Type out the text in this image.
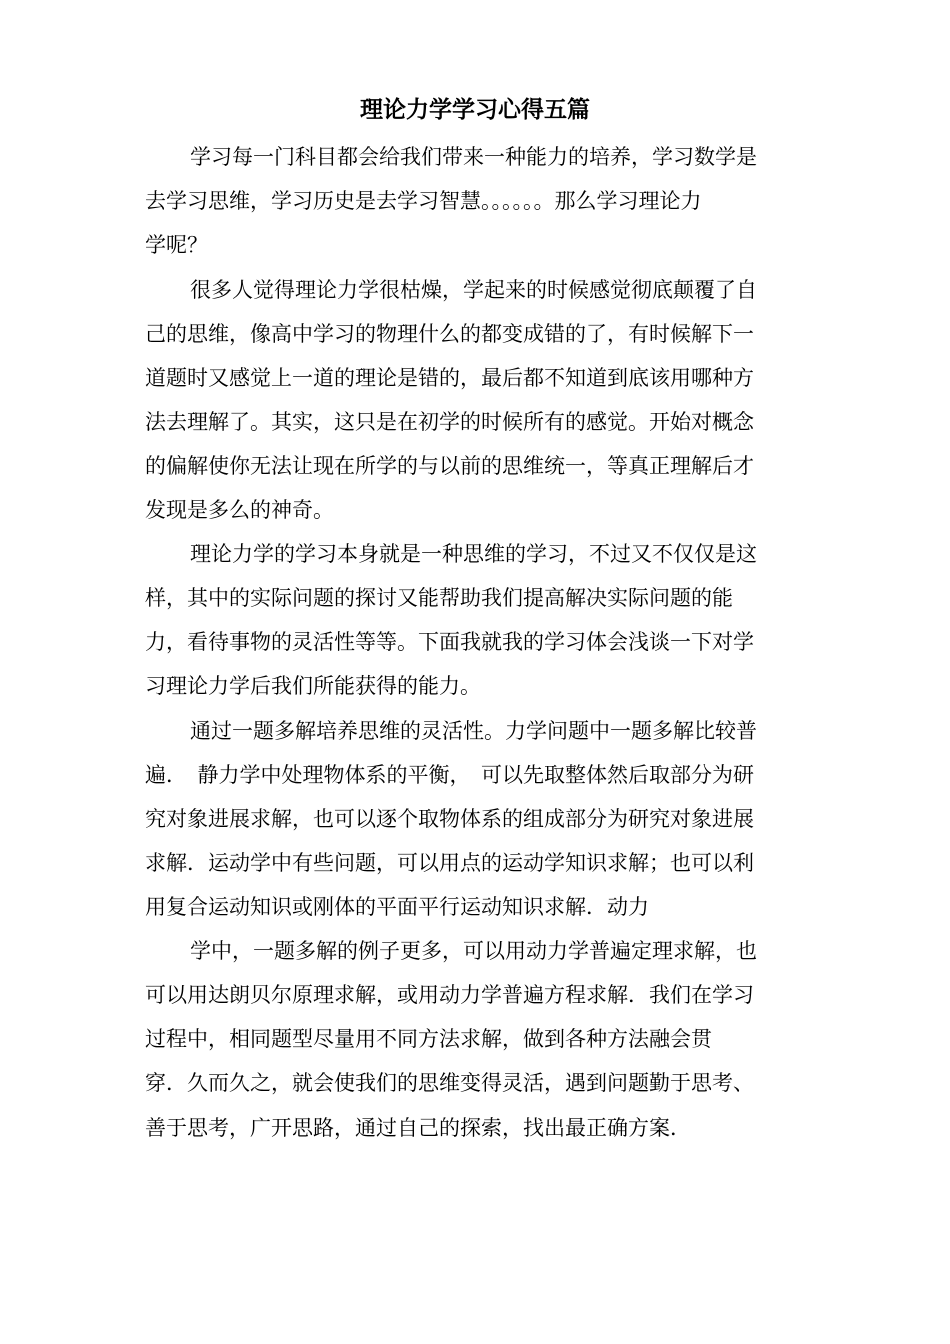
理论力学学习心得五篇

学习每一门科目都会给我们带来一种能力的培养，学习数学是

去学习思维，学习历史是去学习智慧。。。。。。那么学习理论力

学呢？

很多人觉得理论力学很枯燥，学起来的时候感觉彻底颠覆了自

己的思维，像高中学习的物理什么的都变成错的了，有时候解下一

道题时又感觉上一道的理论是错的，最后都不知道到底该用哪种方

法去理解了。其实，这只是在初学的时候所有的感觉。开始对概念

的偏解使你无法让现在所学的与以前的思维统一，等真正理解后才

发现是多么的神奇。

理论力学的学习本身就是一种思维的学习，不过又不仅仅是这

样，其中的实际问题的探讨又能帮助我们提高解决实际问题的能

力，看待事物的灵活性等等。下面我就我的学习体会浅谈一下对学

习理论力学后我们所能获得的能力。

通过一题多解培养思维的灵活性。力学问题中一题多解比较普

遍．　静力学中处理物体系的平衡，　可以先取整体然后取部分为研

究对象进展求解，也可以逐个取物体系的组成部分为研究对象进展

求解．运动学中有些问题，可以用点的运动学知识求解；也可以利

用复合运动知识或刚体的平面平行运动知识求解．动力

学中，一题多解的例子更多，可以用动力学普遍定理求解，也

可以用达朗贝尔原理求解，或用动力学普遍方程求解．我们在学习

过程中，相同题型尽量用不同方法求解，做到各种方法融会贯

穿．久而久之，就会使我们的思维变得灵活，遇到问题勤于思考、

善于思考，广开思路，通过自己的探索，找出最正确方案．
